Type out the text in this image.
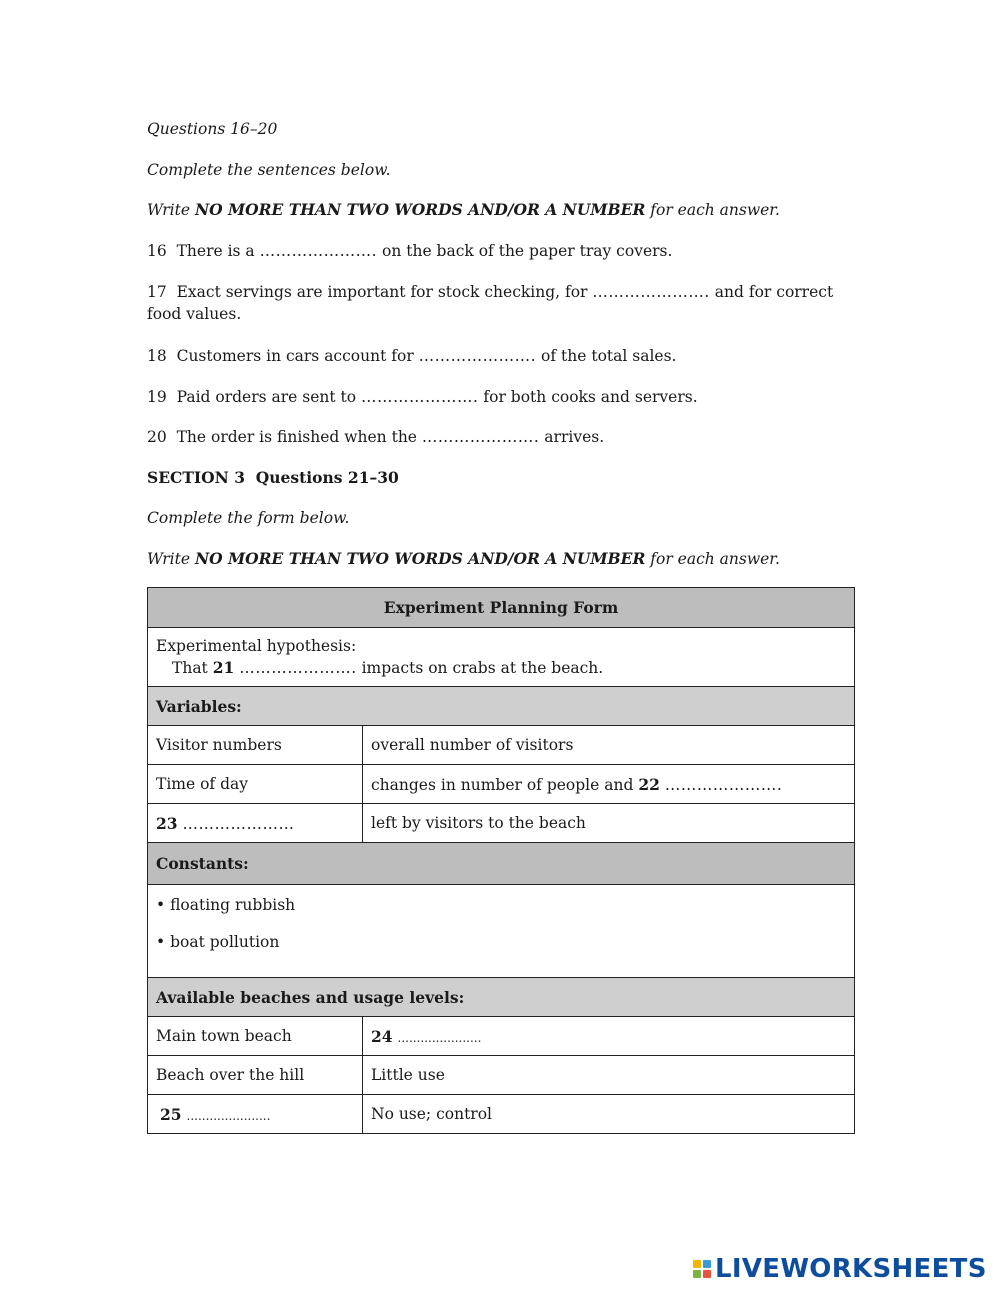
Questions 16–20
Complete the sentences below.
Write NO MORE THAN TWO WORDS AND/OR A NUMBER for each answer.
16 There is a …………………. on the back of the paper tray covers.
17 Exact servings are important for stock checking, for …………………. and for correct food values.
18 Customers in cars account for …………………. of the total sales.
19 Paid orders are sent to …………………. for both cooks and servers.
20 The order is finished when the …………………. arrives.
SECTION 3  Questions 21–30
Complete the form below.
Write NO MORE THAN TWO WORDS AND/OR A NUMBER for each answer.
Experiment Planning Form	

Experimental hypothesis:
That 21 …………………. impacts on crabs at the beach.	

Variables:	
Visitor numbers	overall number of visitors
Time of day	changes in number of people and 22 ………………….
23 …………………	left by visitors to the beach
Constants:	

• floating rubbish
• boat pollution	

Available beaches and usage levels:	
Main town beach	24 ......................
Beach over the hill	Little use
25 ......................	No use; control
LIVEWORKSHEETS
